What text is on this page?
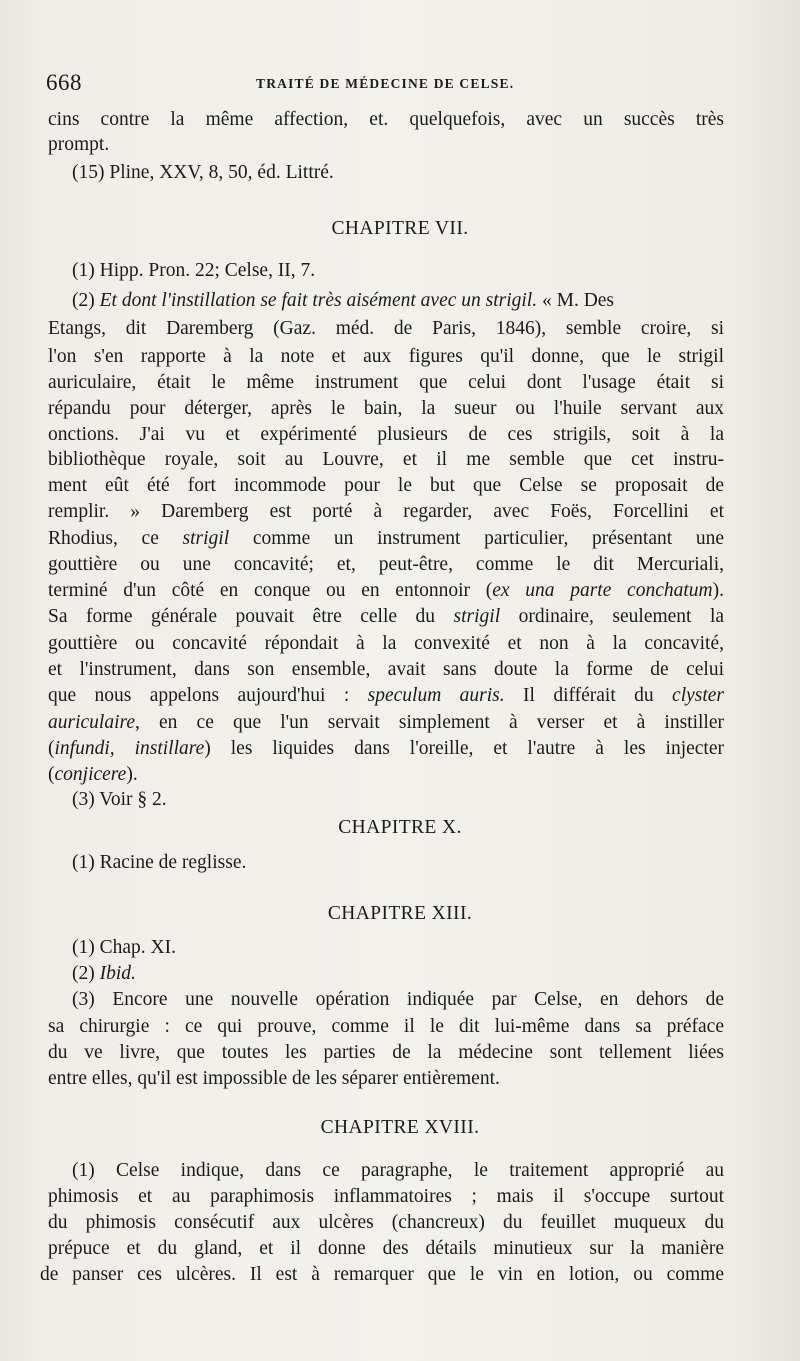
668	TRAITÉ DE MÉDECINE DE CELSE.
cins contre la même affection, et. quelquefois, avec un succès très
prompt.
(15) Pline, XXV, 8, 50, éd. Littré.
CHAPITRE VII.
(1) Hipp. Pron. 22; Celse, II, 7.
(2) Et dont l'instillation se fait très aisément avec un strigil. « M. Des
Etangs, dit Daremberg (Gaz. méd. de Paris, 1846), semble croire, si
l'on s'en rapporte à la note et aux figures qu'il donne, que le strigil
auriculaire, était le même instrument que celui dont l'usage était si
répandu pour déterger, après le bain, la sueur ou l'huile servant aux
onctions. J'ai vu et expérimenté plusieurs de ces strigils, soit à la
bibliothèque royale, soit au Louvre, et il me semble que cet instru-
ment eût été fort incommode pour le but que Celse se proposait de
remplir. » Daremberg est porté à regarder, avec Foës, Forcellini et
Rhodius, ce strigil comme un instrument particulier, présentant une
gouttière ou une concavité; et, peut-être, comme le dit Mercuriali,
terminé d'un côté en conque ou en entonnoir (ex una parte conchatum).
Sa forme générale pouvait être celle du strigil ordinaire, seulement la
gouttière ou concavité répondait à la convexité et non à la concavité,
et l'instrument, dans son ensemble, avait sans doute la forme de celui
que nous appelons aujourd'hui : speculum auris. Il différait du clyster
auriculaire, en ce que l'un servait simplement à verser et à instiller
(infundi, instillare) les liquides dans l'oreille, et l'autre à les injecter
(conjicere).
(3) Voir § 2.
CHAPITRE X.
(1) Racine de reglisse.
CHAPITRE XIII.
(1) Chap. XI.
(2) Ibid.
(3) Encore une nouvelle opération indiquée par Celse, en dehors de
sa chirurgie : ce qui prouve, comme il le dit lui-même dans sa préface
du ve livre, que toutes les parties de la médecine sont tellement liées
entre elles, qu'il est impossible de les séparer entièrement.
CHAPITRE XVIII.
(1) Celse indique, dans ce paragraphe, le traitement approprié au
phimosis et au paraphimosis inflammatoires ; mais il s'occupe surtout
du phimosis consécutif aux ulcères (chancreux) du feuillet muqueux du
prépuce et du gland, et il donne des détails minutieux sur la manière
de panser ces ulcères. Il est à remarquer que le vin en lotion, ou comme
